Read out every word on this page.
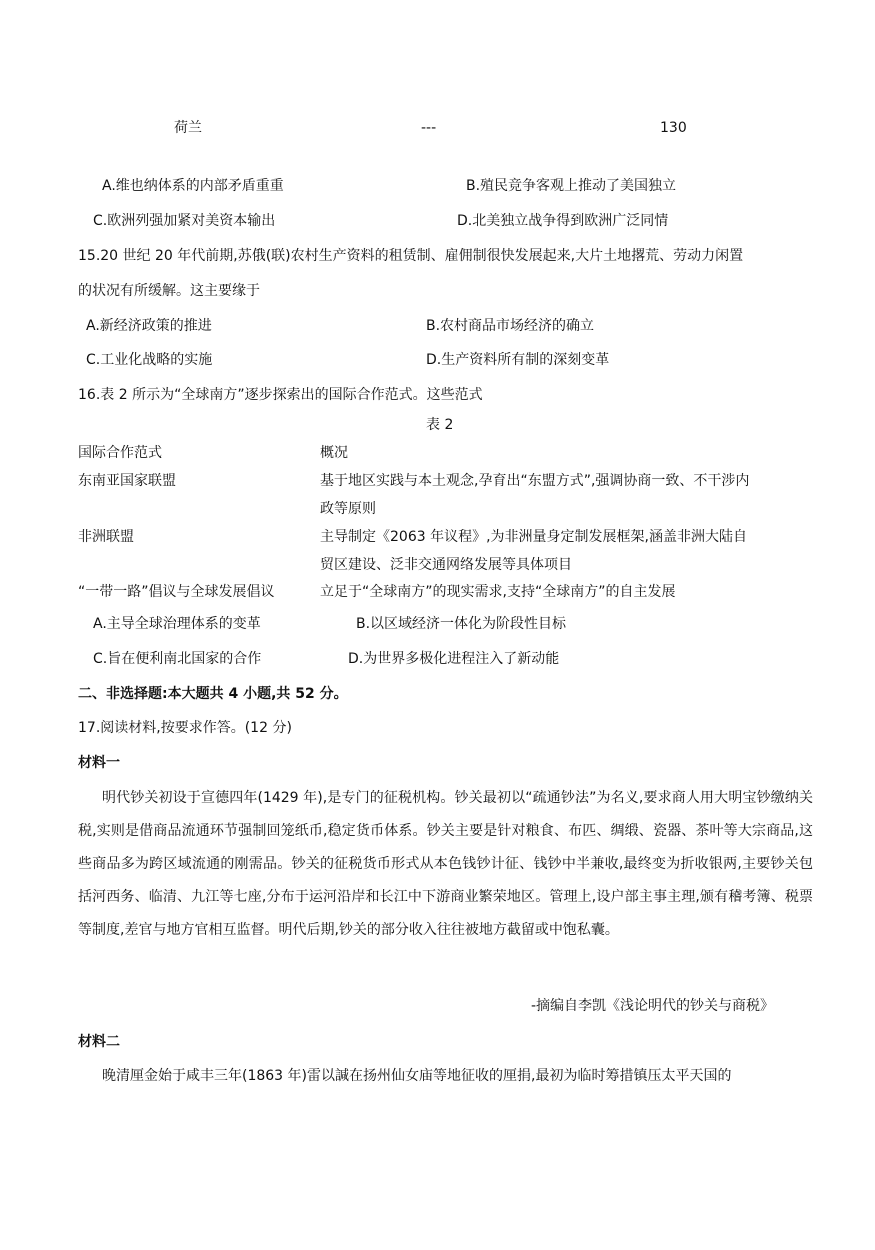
荷兰	---	130
A.维也纳体系的内部矛盾重重	B.殖民竞争客观上推动了美国独立
C.欧洲列强加紧对美资本输出	D.北美独立战争得到欧洲广泛同情
15.20 世纪 20 年代前期,苏俄(联)农村生产资料的租赁制、雇佣制很快发展起来,大片土地撂荒、劳动力闲置
的状况有所缓解。这主要缘于
A.新经济政策的推进	B.农村商品市场经济的确立
C.工业化战略的实施	D.生产资料所有制的深刻变革
16.表 2 所示为“全球南方”逐步探索出的国际合作范式。这些范式
表 2
国际合作范式	概况
东南亚国家联盟	基于地区实践与本土观念,孕育出“东盟方式”,强调协商一致、不干涉内
政等原则
非洲联盟	主导制定《2063 年议程》,为非洲量身定制发展框架,涵盖非洲大陆自
贸区建设、泛非交通网络发展等具体项目
“一带一路”倡议与全球发展倡议	立足于“全球南方”的现实需求,支持“全球南方”的自主发展
A.主导全球治理体系的变革	B.以区域经济一体化为阶段性目标
C.旨在便利南北国家的合作	D.为世界多极化进程注入了新动能
二、非选择题:本大题共 4 小题,共 52 分。
17.阅读材料,按要求作答。(12 分)
材料一

明代钞关初设于宣德四年(1429 年),是专门的征税机构。钞关最初以“疏通钞法”为名义,要求商人用大明宝钞缴纳关税,实则是借商品流通环节强制回笼纸币,稳定货币体系。钞关主要是针对粮食、布匹、绸缎、瓷器、茶叶等大宗商品,这些商品多为跨区域流通的刚需品。钞关的征税货币形式从本色钱钞计征、钱钞中半兼收,最终变为折收银两,主要钞关包括河西务、临清、九江等七座,分布于运河沿岸和长江中下游商业繁荣地区。管理上,设户部主事主理,颁有稽考簿、税票等制度,差官与地方官相互监督。明代后期,钞关的部分收入往往被地方截留或中饱私囊。

-摘编自李凯《浅论明代的钞关与商税》
材料二
晚清厘金始于咸丰三年(1863 年)雷以諴在扬州仙女庙等地征收的厘捐,最初为临时筹措镇压太平天国的
